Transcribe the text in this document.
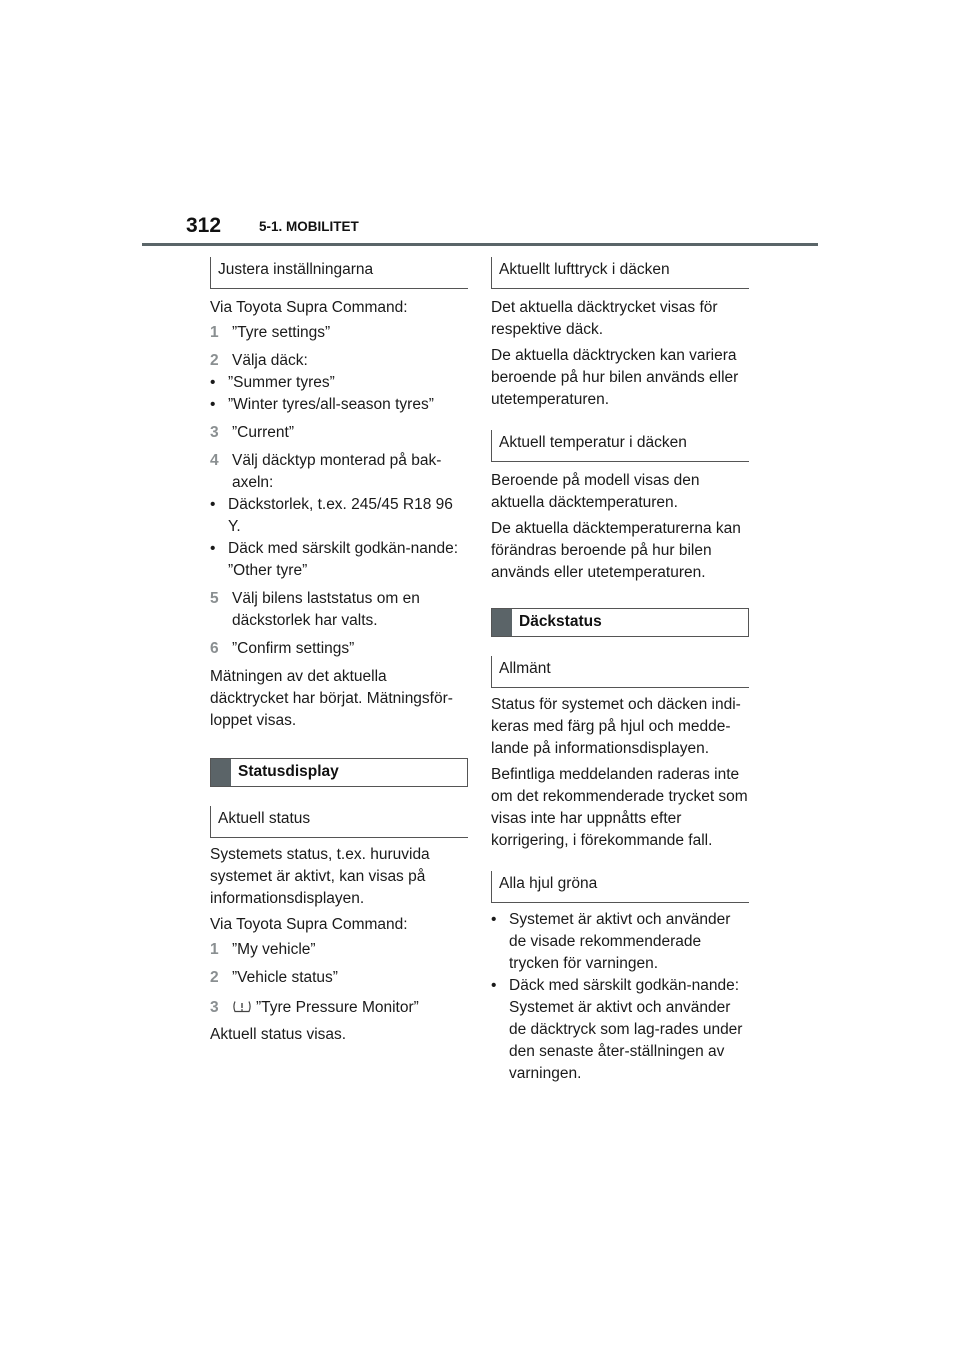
312	5-1. MOBILITET
Justera inställningarna

Via Toyota Supra Command:

1 ”Tyre settings”
2 Välja däck:
• ”Summer tyres”
• ”Winter tyres/all-season tyres”
3 ”Current”
4 Välj däcktyp monterad på bak-axeln:
• Däckstorlek, t.ex. 245/45 R18 96 Y.
• Däck med särskilt godkän-nande: ”Other tyre”
5 Välj bilens laststatus om en däckstorlek har valts.
6 ”Confirm settings”

Mätningen av det aktuella däcktrycket har börjat. Mätningsför-loppet visas.

Statusdisplay
Aktuell status

Systemets status, t.ex. huruvida systemet är aktivt, kan visas på informationsdisplayen.

Via Toyota Supra Command:

1 ”My vehicle”
2 ”Vehicle status”
3	”Tyre Pressure Monitor”

Aktuell status visas.

Aktuellt lufttryck i däcken

Det aktuella däcktrycket visas för respektive däck.

De aktuella däcktrycken kan variera beroende på hur bilen används eller utetemperaturen.

Aktuell temperatur i däcken

Beroende på modell visas den aktuella däcktemperaturen.

De aktuella däcktemperaturerna kan förändras beroende på hur bilen används eller utetemperaturen.

Däckstatus
Allmänt

Status för systemet och däcken indi-keras med färg på hjul och medde-lande på informationsdisplayen.

Befintliga meddelanden raderas inte om det rekommenderade trycket som visas inte har uppnåtts efter korrigering, i förekommande fall.

Alla hjul gröna
• Systemet är aktivt och använder de visade rekommenderade trycken för varningen.
• Däck med särskilt godkän-nande: Systemet är aktivt och använder de däcktryck som lag-rades under den senaste åter-ställningen av varningen.
